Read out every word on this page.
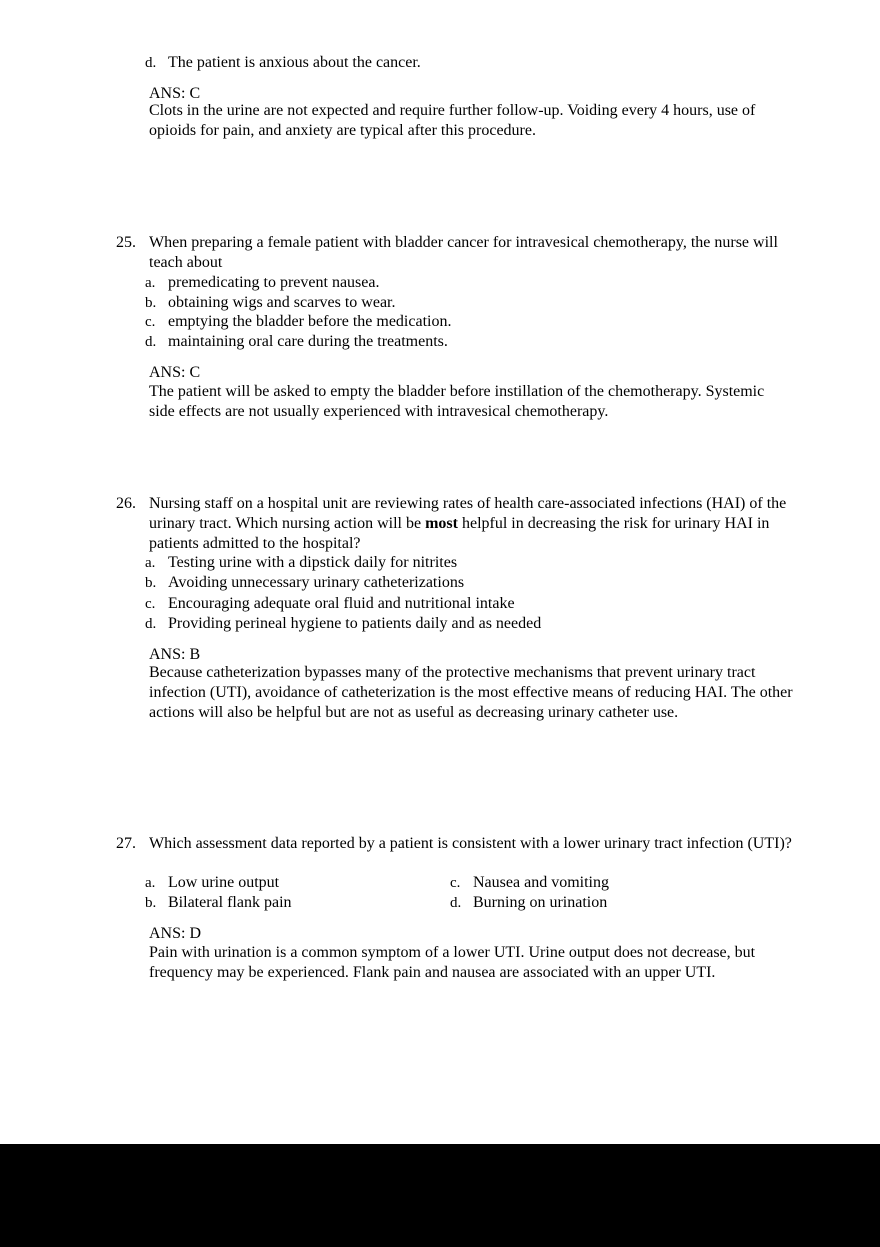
d. The patient is anxious about the cancer.
ANS: C
Clots in the urine are not expected and require further follow-up. Voiding every 4 hours, use of opioids for pain, and anxiety are typical after this procedure.
25. When preparing a female patient with bladder cancer for intravesical chemotherapy, the nurse will teach about
a. premedicating to prevent nausea.
b. obtaining wigs and scarves to wear.
c. emptying the bladder before the medication.
d. maintaining oral care during the treatments.
ANS: C
The patient will be asked to empty the bladder before instillation of the chemotherapy. Systemic side effects are not usually experienced with intravesical chemotherapy.
26. Nursing staff on a hospital unit are reviewing rates of health care-associated infections (HAI) of the urinary tract. Which nursing action will be most helpful in decreasing the risk for urinary HAI in patients admitted to the hospital?
a. Testing urine with a dipstick daily for nitrites
b. Avoiding unnecessary urinary catheterizations
c. Encouraging adequate oral fluid and nutritional intake
d. Providing perineal hygiene to patients daily and as needed
ANS: B
Because catheterization bypasses many of the protective mechanisms that prevent urinary tract infection (UTI), avoidance of catheterization is the most effective means of reducing HAI. The other actions will also be helpful but are not as useful as decreasing urinary catheter use.
27. Which assessment data reported by a patient is consistent with a lower urinary tract infection (UTI)?
a. Low urine output
b. Bilateral flank pain
c. Nausea and vomiting
d. Burning on urination
ANS: D
Pain with urination is a common symptom of a lower UTI. Urine output does not decrease, but frequency may be experienced. Flank pain and nausea are associated with an upper UTI.
